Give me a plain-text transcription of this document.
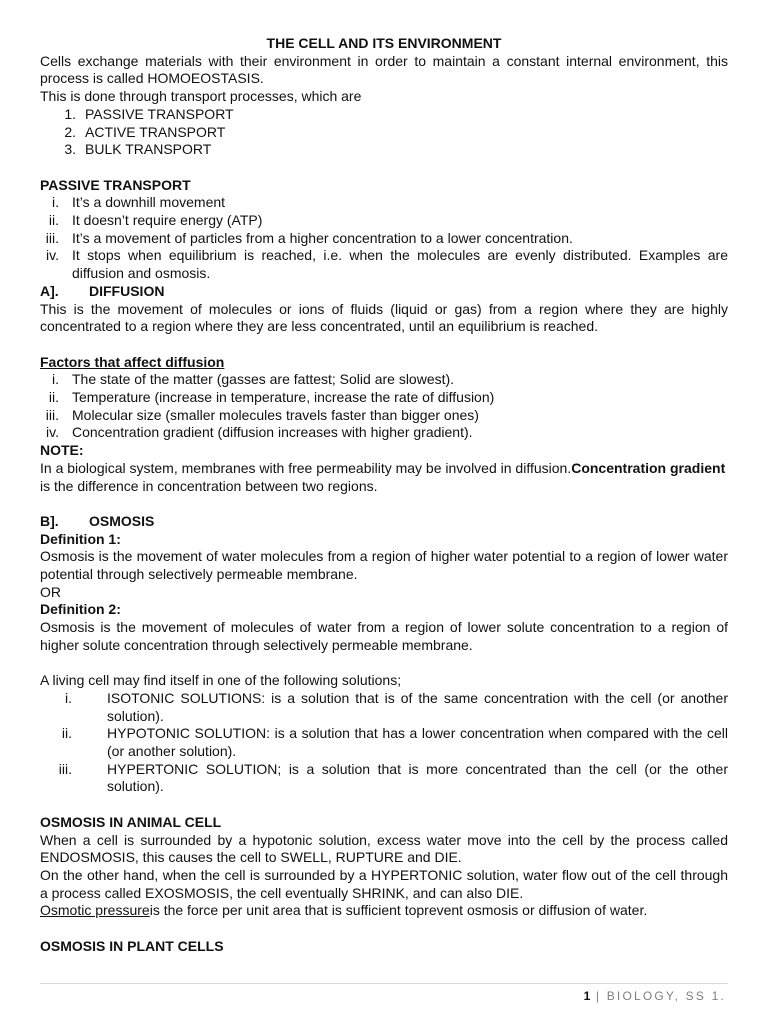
THE CELL AND ITS ENVIRONMENT

Cells exchange materials with their environment in order to maintain a constant internal environment, this process is called HOMOEOSTASIS.

This is done through transport processes, which are

1. PASSIVE TRANSPORT
2. ACTIVE TRANSPORT
3. BULK TRANSPORT

PASSIVE TRANSPORT

i. It’s a downhill movement
ii. It doesn’t require energy (ATP)
iii. It’s a movement of particles from a higher concentration to a lower concentration.
iv. It stops when equilibrium is reached, i.e. when the molecules are evenly distributed. Examples are diffusion and osmosis.

A].	DIFFUSION

This is the movement of molecules or ions of fluids (liquid or gas) from a region where they are highly concentrated to a region where they are less concentrated, until an equilibrium is reached.

Factors that affect diffusion

i. The state of the matter (gasses are fattest; Solid are slowest).
ii. Temperature (increase in temperature, increase the rate of diffusion)
iii. Molecular size (smaller molecules travels faster than bigger ones)
iv. Concentration gradient (diffusion increases with higher gradient).

NOTE:

In a biological system, membranes with free permeability may be involved in diffusion.Concentration gradient is the difference in concentration between two regions.

B].	OSMOSIS

Definition 1:

Osmosis is the movement of water molecules from a region of higher water potential to a region of lower water potential through selectively permeable membrane.

OR

Definition 2:

Osmosis is the movement of molecules of water from a region of lower solute concentration to a region of higher solute concentration through selectively permeable membrane.

A living cell may find itself in one of the following solutions;

i.	ISOTONIC SOLUTIONS: is a solution that is of the same concentration with the cell (or another solution).
ii.	HYPOTONIC SOLUTION: is a solution that has a lower concentration when compared with the cell (or another solution).
iii.	HYPERTONIC SOLUTION; is a solution that is more concentrated than the cell (or the other solution).

OSMOSIS IN ANIMAL CELL

When a cell is surrounded by a hypotonic solution, excess water move into the cell by the process called ENDOSMOSIS, this causes the cell to SWELL, RUPTURE and DIE.

On the other hand, when the cell is surrounded by a HYPERTONIC solution, water flow out of the cell through a process called EXOSMOSIS, the cell eventually SHRINK, and can also DIE.

Osmotic pressureis the force per unit area that is sufficient toprevent osmosis or diffusion of water.

OSMOSIS IN PLANT CELLS

1 | BIOLOGY, SS 1.
